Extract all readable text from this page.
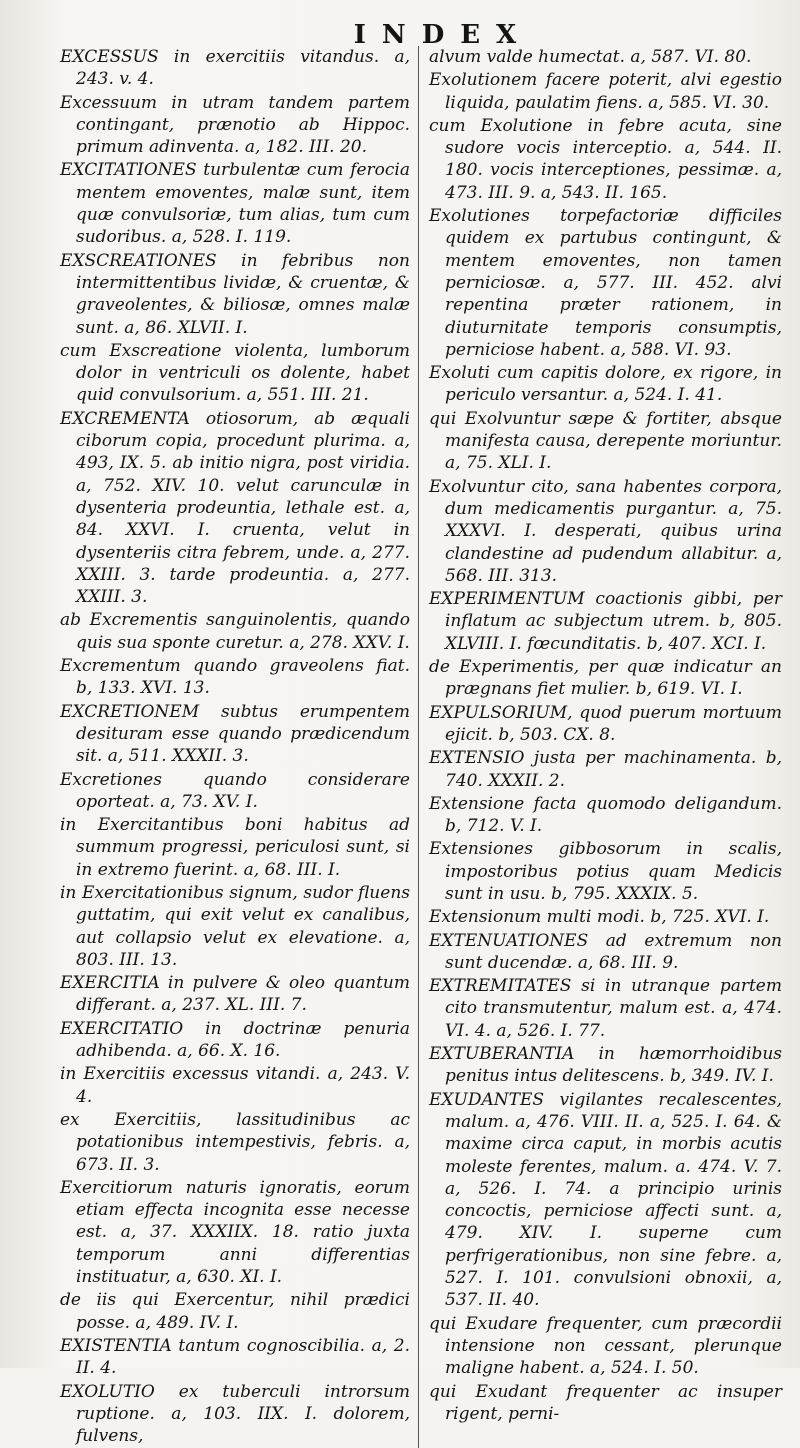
INDEX

EXCESSUS in exercitiis vitandus. a, 243. v. 4.

Excessuum in utram tandem partem contingant, prænotio ab Hippoc. primum adinventa. a, 182. III. 20.

EXCITATIONES turbulentæ cum ferocia mentem emoventes, malæ sunt, item quæ convulsoriæ, tum alias, tum cum sudoribus. a, 528. I. 119.

EXSCREATIONES in febribus non intermittentibus lividæ, & cruentæ, & graveolentes, & biliosæ, omnes malæ sunt. a, 86. XLVII. I.

cum Exscreatione violenta, lumborum dolor in ventriculi os dolente, habet quid convulsorium. a, 551. III. 21.

EXCREMENTA otiosorum, ab æquali ciborum copia, procedunt plurima. a, 493, IX. 5. ab initio nigra, post viridia. a, 752. XIV. 10. velut carunculæ in dysenteria prodeuntia, lethale est. a, 84. XXVI. I. cruenta, velut in dysenteriis citra febrem, unde. a, 277. XXIII. 3. tarde prodeuntia. a, 277. XXIII. 3.

ab Excrementis sanguinolentis, quando quis sua sponte curetur. a, 278. XXV. I.

Excrementum quando graveolens fiat. b, 133. XVI. 13.

EXCRETIONEM subtus erumpentem desituram esse quando prædicendum sit. a, 511. XXXII. 3.

Excretiones quando considerare oporteat. a, 73. XV. I.

in Exercitantibus boni habitus ad summum progressi, periculosi sunt, si in extremo fuerint. a, 68. III. I.

in Exercitationibus signum, sudor fluens guttatim, qui exit velut ex canalibus, aut collapsio velut ex elevatione. a, 803. III. 13.

EXERCITIA in pulvere & oleo quantum differant. a, 237. XL. III. 7.

EXERCITATIO in doctrinæ penuria adhibenda. a, 66. X. 16.

in Exercitiis excessus vitandi. a, 243. V. 4.

ex Exercitiis, lassitudinibus ac potationibus intempestivis, febris. a, 673. II. 3.

Exercitiorum naturis ignoratis, eorum etiam effecta incognita esse necesse est. a, 37. XXXIIX. 18. ratio juxta temporum anni differentias instituatur, a, 630. XI. I.

de iis qui Exercentur, nihil prædici posse. a, 489. IV. I.

EXISTENTIA tantum cognoscibilia. a, 2. II. 4.

EXOLUTIO ex tuberculi introrsum ruptione. a, 103. IIX. I. dolorem, fulvens,

alvum valde humectat. a, 587. VI. 80.

Exolutionem facere poterit, alvi egestio liquida, paulatim fiens. a, 585. VI. 30.

cum Exolutione in febre acuta, sine sudore vocis interceptio. a, 544. II. 180. vocis interceptiones, pessimæ. a, 473. III. 9. a, 543. II. 165.

Exolutiones torpefactoriæ difficiles quidem ex partubus contingunt, & mentem emoventes, non tamen perniciosæ. a, 577. III. 452. alvi repentina præter rationem, in diuturnitate temporis consumptis, perniciose habent. a, 588. VI. 93.

Exoluti cum capitis dolore, ex rigore, in periculo versantur. a, 524. I. 41.

qui Exolvuntur sæpe & fortiter, absque manifesta causa, derepente moriuntur. a, 75. XLI. I.

Exolvuntur cito, sana habentes corpora, dum medicamentis purgantur. a, 75. XXXVI. I. desperati, quibus urina clandestine ad pudendum allabitur. a, 568. III. 313.

EXPERIMENTUM coactionis gibbi, per inflatum ac subjectum utrem. b, 805. XLVIII. I. fœcunditatis. b, 407. XCI. I.

de Experimentis, per quæ indicatur an prægnans fiet mulier. b, 619. VI. I.

EXPULSORIUM, quod puerum mortuum ejicit. b, 503. CX. 8.

EXTENSIO justa per machinamenta. b, 740. XXXII. 2.

Extensione facta quomodo deligandum. b, 712. V. I.

Extensiones gibbosorum in scalis, impostoribus potius quam Medicis sunt in usu. b, 795. XXXIX. 5.

Extensionum multi modi. b, 725. XVI. I.

EXTENUATIONES ad extremum non sunt ducendæ. a, 68. III. 9.

EXTREMITATES si in utranque partem cito transmutentur, malum est. a, 474. VI. 4. a, 526. I. 77.

EXTUBERANTIA in hæmorrhoidibus penitus intus delitescens. b, 349. IV. I.

EXUDANTES vigilantes recalescentes, malum. a, 476. VIII. II. a, 525. I. 64. & maxime circa caput, in morbis acutis moleste ferentes, malum. a. 474. V. 7. a, 526. I. 74. a principio urinis concoctis, perniciose affecti sunt. a, 479. XIV. I. superne cum perfrigerationibus, non sine febre. a, 527. I. 101. convulsioni obnoxii, a, 537. II. 40.

qui Exudare frequenter, cum præcordii intensione non cessant, plerunque maligne habent. a, 524. I. 50.

qui Exudant frequenter ac insuper rigent, perni-
